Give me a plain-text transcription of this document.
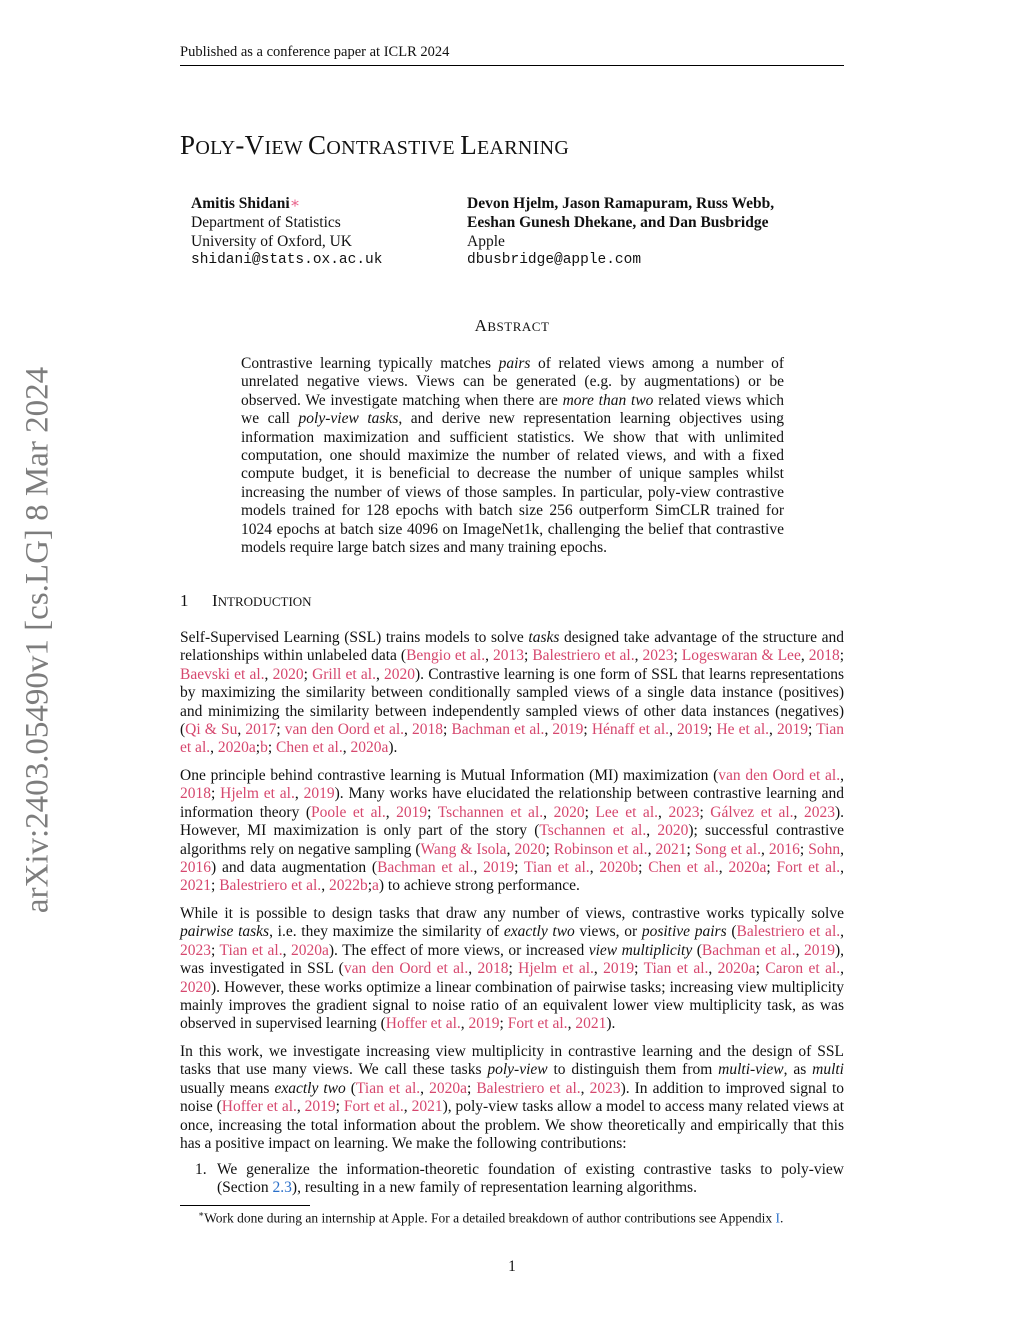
arXiv:2403.05490v1 [cs.LG] 8 Mar 2024
Published as a conference paper at ICLR 2024
POLY-VIEW CONTRASTIVE LEARNING
Amitis Shidani∗
Department of Statistics
University of Oxford, UK
shidani@stats.ox.ac.uk
Devon Hjelm, Jason Ramapuram, Russ Webb,
Eeshan Gunesh Dhekane, and Dan Busbridge
Apple
dbusbridge@apple.com
ABSTRACT
Contrastive learning typically matches pairs of related views among a number of unrelated negative views. Views can be generated (e.g. by augmentations) or be observed. We investigate matching when there are more than two related views which we call poly-view tasks, and derive new representation learning objectives using information maximization and sufficient statistics. We show that with unlimited computation, one should maximize the number of related views, and with a fixed compute budget, it is beneficial to decrease the number of unique samples whilst increasing the number of views of those samples. In particular, poly-view contrastive models trained for 128 epochs with batch size 256 outperform SimCLR trained for 1024 epochs at batch size 4096 on ImageNet1k, challenging the belief that contrastive models require large batch sizes and many training epochs.
1 INTRODUCTION
Self-Supervised Learning (SSL) trains models to solve tasks designed take advantage of the structure and relationships within unlabeled data (Bengio et al., 2013; Balestriero et al., 2023; Logeswaran & Lee, 2018; Baevski et al., 2020; Grill et al., 2020). Contrastive learning is one form of SSL that learns representations by maximizing the similarity between conditionally sampled views of a single data instance (positives) and minimizing the similarity between independently sampled views of other data instances (negatives) (Qi & Su, 2017; van den Oord et al., 2018; Bachman et al., 2019; Hénaff et al., 2019; He et al., 2019; Tian et al., 2020a;b; Chen et al., 2020a).
One principle behind contrastive learning is Mutual Information (MI) maximization (van den Oord et al., 2018; Hjelm et al., 2019). Many works have elucidated the relationship between contrastive learning and information theory (Poole et al., 2019; Tschannen et al., 2020; Lee et al., 2023; Gálvez et al., 2023). However, MI maximization is only part of the story (Tschannen et al., 2020); successful contrastive algorithms rely on negative sampling (Wang & Isola, 2020; Robinson et al., 2021; Song et al., 2016; Sohn, 2016) and data augmentation (Bachman et al., 2019; Tian et al., 2020b; Chen et al., 2020a; Fort et al., 2021; Balestriero et al., 2022b;a) to achieve strong performance.
While it is possible to design tasks that draw any number of views, contrastive works typically solve pairwise tasks, i.e. they maximize the similarity of exactly two views, or positive pairs (Balestriero et al., 2023; Tian et al., 2020a). The effect of more views, or increased view multiplicity (Bachman et al., 2019), was investigated in SSL (van den Oord et al., 2018; Hjelm et al., 2019; Tian et al., 2020a; Caron et al., 2020). However, these works optimize a linear combination of pairwise tasks; increasing view multiplicity mainly improves the gradient signal to noise ratio of an equivalent lower view multiplicity task, as was observed in supervised learning (Hoffer et al., 2019; Fort et al., 2021).
In this work, we investigate increasing view multiplicity in contrastive learning and the design of SSL tasks that use many views. We call these tasks poly-view to distinguish them from multi-view, as multi usually means exactly two (Tian et al., 2020a; Balestriero et al., 2023). In addition to improved signal to noise (Hoffer et al., 2019; Fort et al., 2021), poly-view tasks allow a model to access many related views at once, increasing the total information about the problem. We show theoretically and empirically that this has a positive impact on learning. We make the following contributions:
1. We generalize the information-theoretic foundation of existing contrastive tasks to poly-view (Section 2.3), resulting in a new family of representation learning algorithms.
∗Work done during an internship at Apple. For a detailed breakdown of author contributions see Appendix I.
1
